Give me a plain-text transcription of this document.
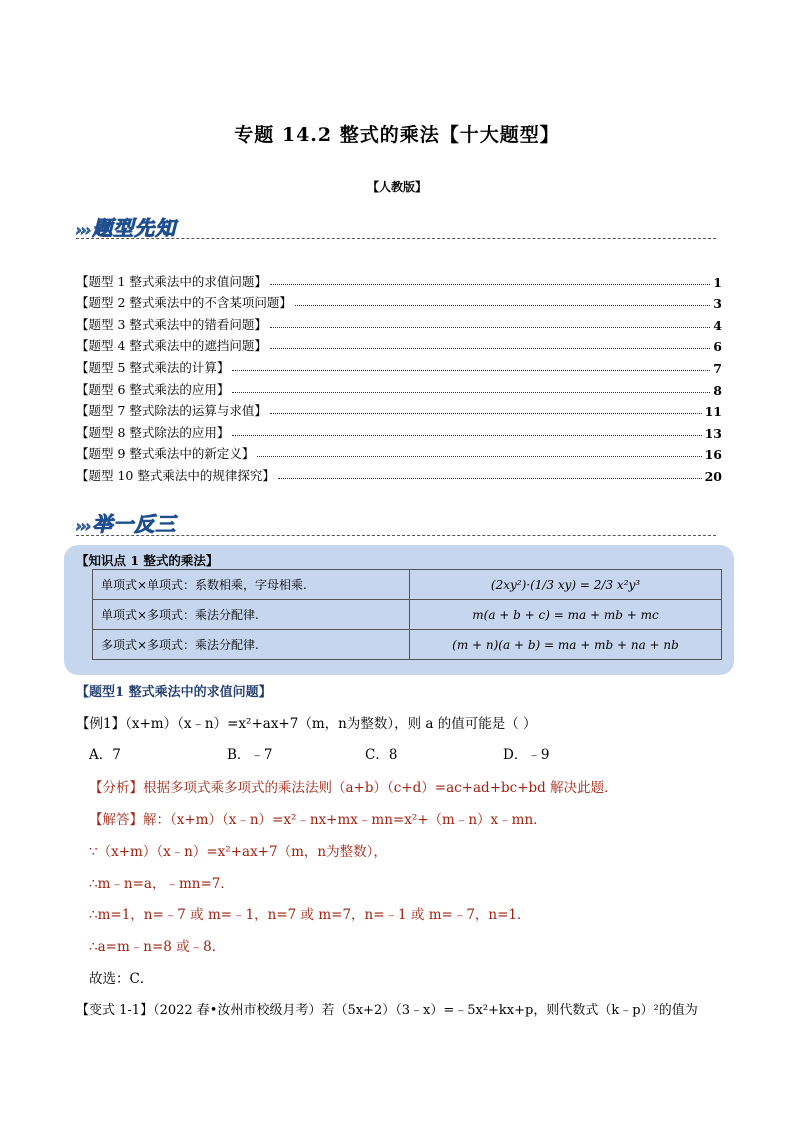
专题 14.2 整式的乘法【十大题型】
【人教版】
››› 题型先知
【题型 1 整式乘法中的求值问题】	1
【题型 2 整式乘法中的不含某项问题】	3
【题型 3 整式乘法中的错看问题】	4
【题型 4 整式乘法中的遮挡问题】	6
【题型 5 整式乘法的计算】	7
【题型 6 整式乘法的应用】	8
【题型 7 整式除法的运算与求值】	11
【题型 8 整式除法的应用】	13
【题型 9 整式乘法中的新定义】	16
【题型 10 整式乘法中的规律探究】	20
››› 举一反三
【知识点 1 整式的乘法】
单项式×单项式：系数相乘，字母相乘.	(2xy²)·(1/3 xy) = 2/3 x²y³
单项式×多项式：乘法分配律.	m(a + b + c) = ma + mb + mc
多项式×多项式：乘法分配律.	(m + n)(a + b) = ma + mb + na + nb
【题型1 整式乘法中的求值问题】
【例1】（x+m）（x﹣n）=x²+ax+7（m，n为整数），则 a 的值可能是（ ）
A．7	B．﹣7	C．8	D．﹣9
【分析】根据多项式乘多项式的乘法法则（a+b）（c+d）=ac+ad+bc+bd 解决此题．
【解答】解：（x+m）（x﹣n）=x²﹣nx+mx﹣mn=x²+（m﹣n）x﹣mn．
∵（x+m）（x﹣n）=x²+ax+7（m，n为整数），
∴m﹣n=a，﹣mn=7．
∴m=1，n=﹣7 或 m=﹣1，n=7 或 m=7，n=﹣1 或 m=﹣7，n=1．
∴a=m﹣n=8 或﹣8．
故选：C．
【变式 1-1】（2022 春•汝州市校级月考）若（5x+2）（3﹣x）=﹣5x²+kx+p，则代数式（k﹣p）²的值为
